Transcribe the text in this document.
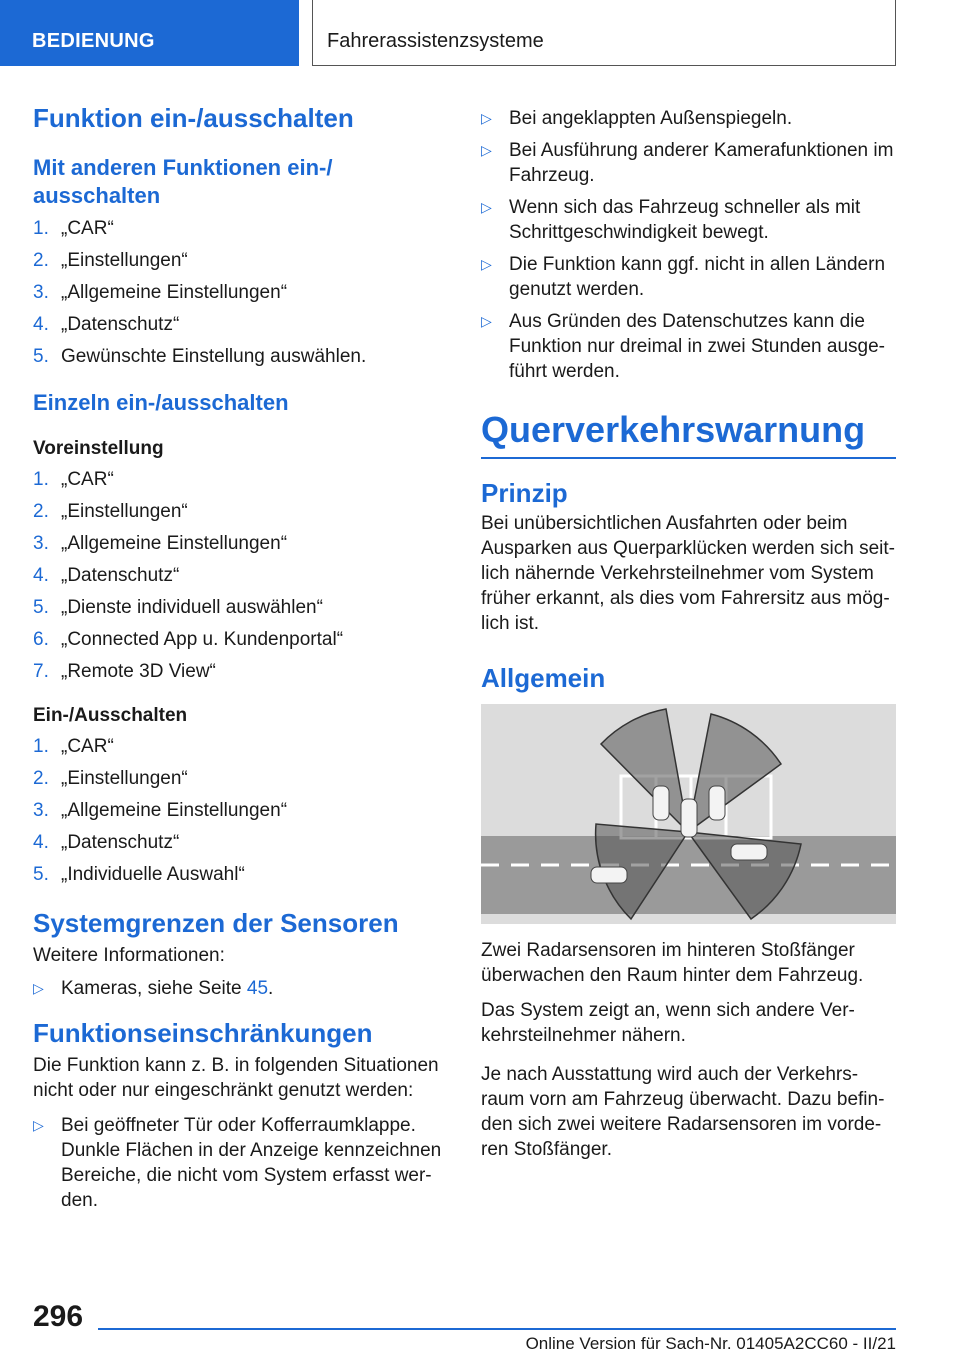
BEDIENUNG	Fahrerassistenzsysteme
Funktion ein-/ausschalten
Mit anderen Funktionen ein-/
ausschalten
1. „CAR“
2. „Einstellungen“
3. „Allgemeine Einstellungen“
4. „Datenschutz“
5. Gewünschte Einstellung auswählen.
Einzeln ein-/ausschalten
Voreinstellung
1. „CAR“
2. „Einstellungen“
3. „Allgemeine Einstellungen“
4. „Datenschutz“
5. „Dienste individuell auswählen“
6. „Connected App u. Kundenportal“
7. „Remote 3D View“
Ein-/Ausschalten
1. „CAR“
2. „Einstellungen“
3. „Allgemeine Einstellungen“
4. „Datenschutz“
5. „Individuelle Auswahl“
Systemgrenzen der Sensoren

Weitere Informationen:

▷ Kameras, siehe Seite 45.
Funktionseinschränkungen

Die Funktion kann z. B. in folgenden Situationen nicht oder nur eingeschränkt genutzt werden:

▷ Bei geöffneter Tür oder Kofferraumklappe. Dunkle Flächen in der Anzeige kennzeichnen Bereiche, die nicht vom System erfasst wer-den.
▷ Bei angeklappten Außenspiegeln.
▷ Bei Ausführung anderer Kamerafunktionen im Fahrzeug.
▷ Wenn sich das Fahrzeug schneller als mit Schrittgeschwindigkeit bewegt.
▷ Die Funktion kann ggf. nicht in allen Ländern genutzt werden.
▷ Aus Gründen des Datenschutzes kann die Funktion nur dreimal in zwei Stunden ausge-führt werden.
Querverkehrswarnung
Prinzip

Bei unübersichtlichen Ausfahrten oder beim Ausparken aus Querparklücken werden sich seit-lich nähernde Verkehrsteilnehmer vom System früher erkannt, als dies vom Fahrersitz aus mög-lich ist.

Allgemein

Zwei Radarsensoren im hinteren Stoßfänger überwachen den Raum hinter dem Fahrzeug.

Das System zeigt an, wenn sich andere Ver-kehrsteilnehmer nähern.

Je nach Ausstattung wird auch der Verkehrs-raum vorn am Fahrzeug überwacht. Dazu befin-den sich zwei weitere Radarsensoren im vorde-ren Stoßfänger.

296
Online Version für Sach-Nr. 01405A2CC60 - II/21
